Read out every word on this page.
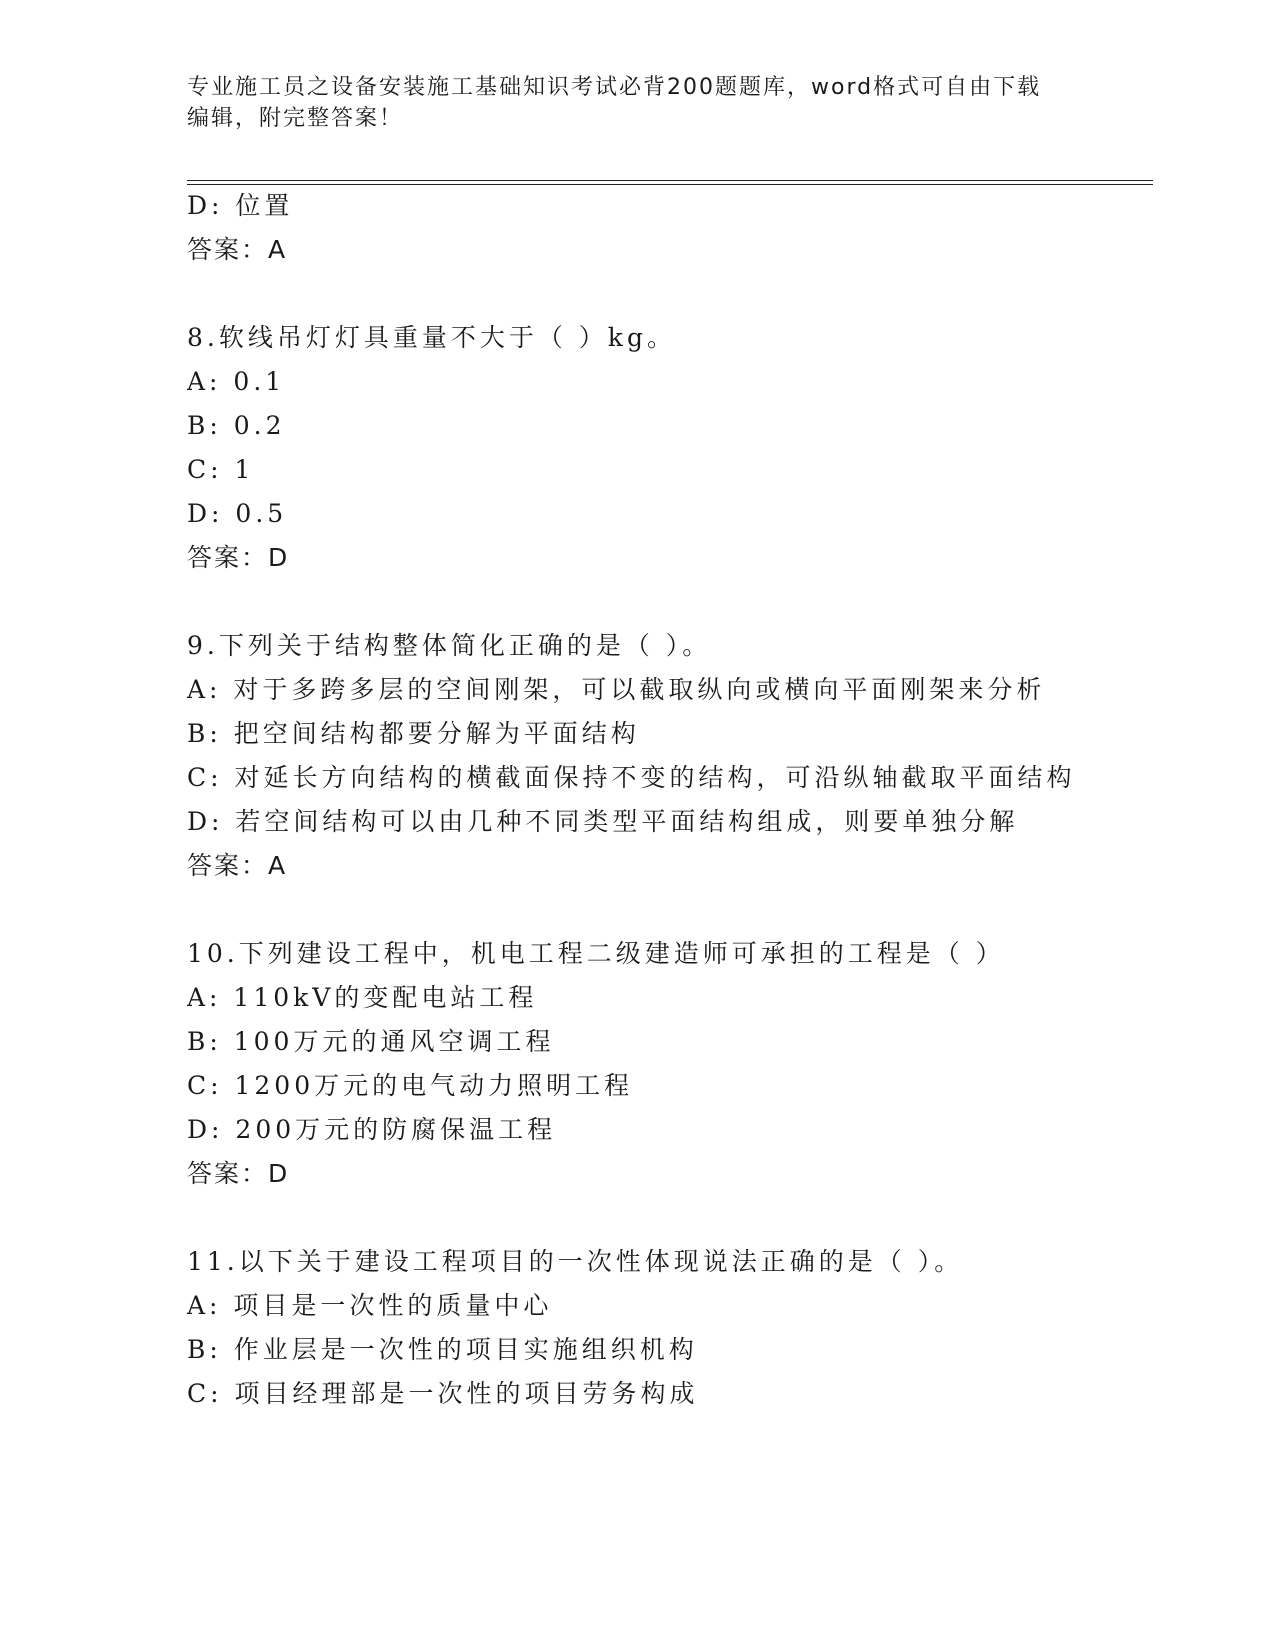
专业施工员之设备安装施工基础知识考试必背200题题库，word格式可自由下载
编辑，附完整答案！
D: 位置
答案：A
8.软线吊灯灯具重量不大于（ ）kg。
A: 0.1
B: 0.2
C: 1
D: 0.5
答案：D
9.下列关于结构整体简化正确的是（ ）。
A: 对于多跨多层的空间刚架，可以截取纵向或横向平面刚架来分析
B: 把空间结构都要分解为平面结构
C: 对延长方向结构的横截面保持不变的结构，可沿纵轴截取平面结构
D: 若空间结构可以由几种不同类型平面结构组成，则要单独分解
答案：A
10.下列建设工程中，机电工程二级建造师可承担的工程是（ ）
A: 110kV的变配电站工程
B: 100万元的通风空调工程
C: 1200万元的电气动力照明工程
D: 200万元的防腐保温工程
答案：D
11.以下关于建设工程项目的一次性体现说法正确的是（ ）。
A: 项目是一次性的质量中心
B: 作业层是一次性的项目实施组织机构
C: 项目经理部是一次性的项目劳务构成
